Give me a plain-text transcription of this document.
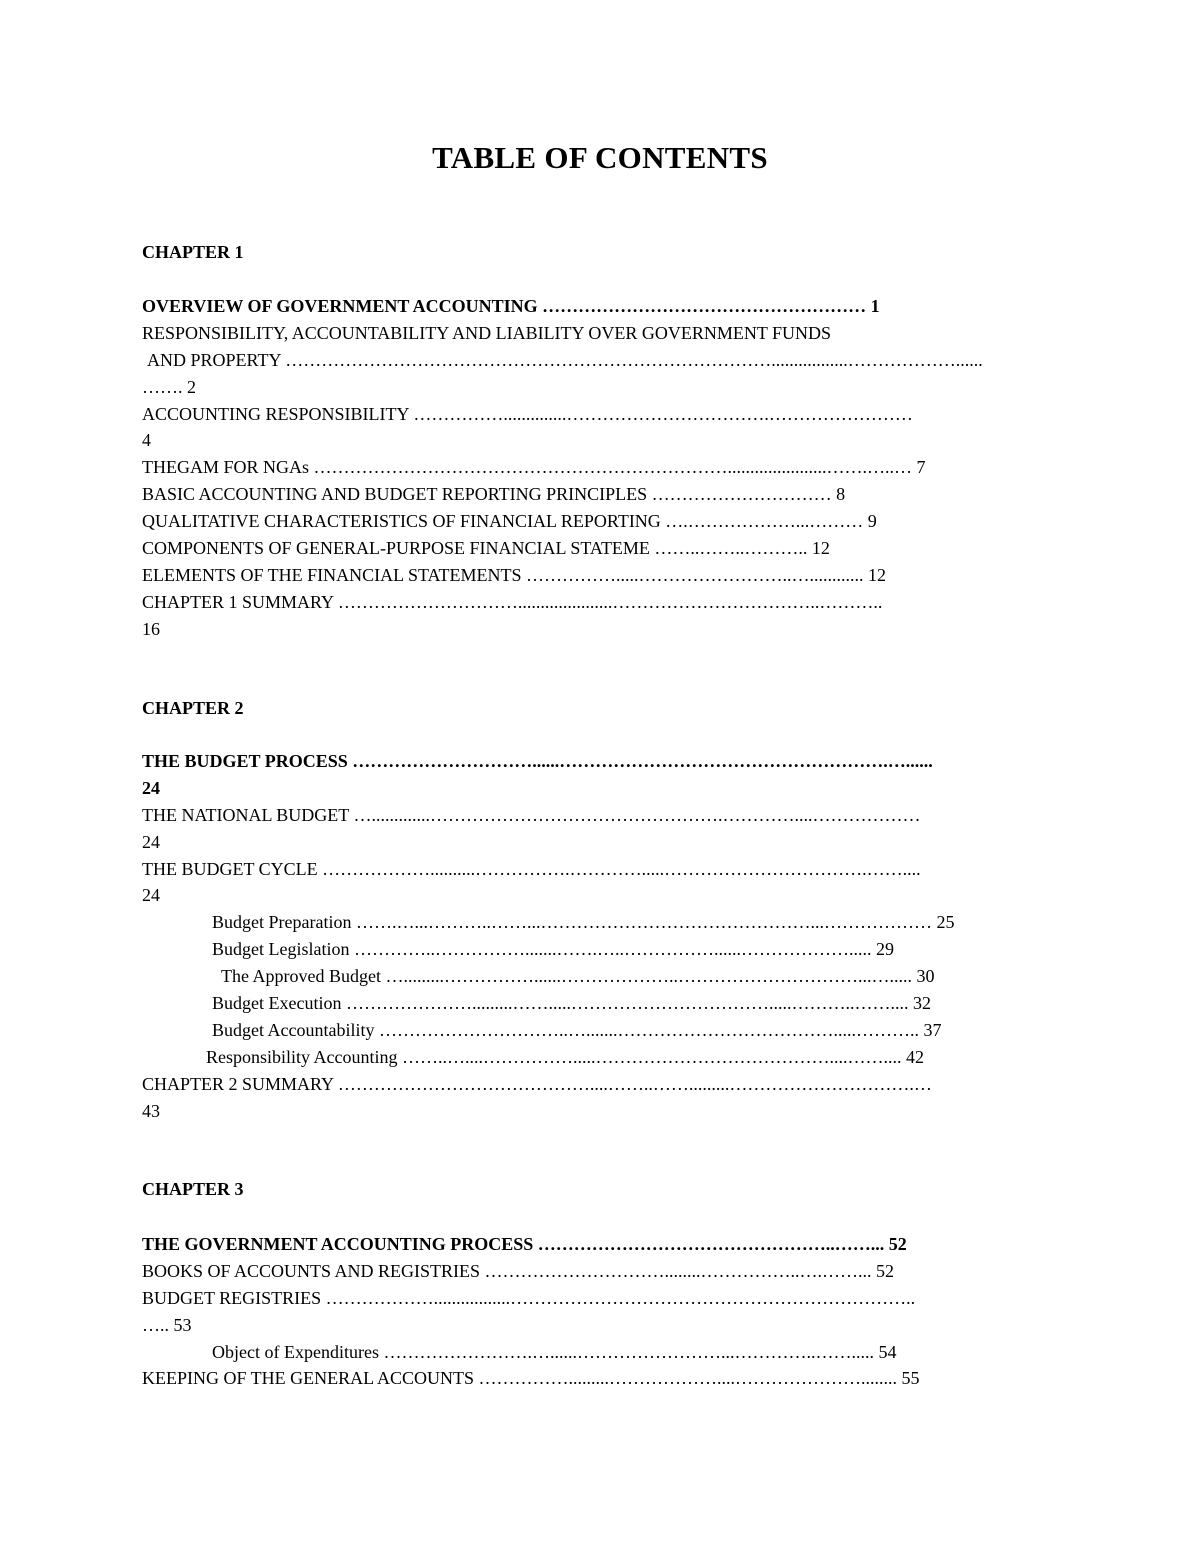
TABLE OF CONTENTS
CHAPTER 1
OVERVIEW OF GOVERNMENT ACCOUNTING ……………………………………………… 1
RESPONSIBILITY, ACCOUNTABILITY AND LIABILITY OVER GOVERNMENT FUNDS
AND PROPERTY ……………………………………………………………………….................………………......
……. 2
ACCOUNTING RESPONSIBILITY ……………..............…………………………….……………………
4
THEGAM FOR NGAs ……………………………………………………………......................…….…..… 7
BASIC ACCOUNTING AND BUDGET REPORTING PRINCIPLES ………………………… 8
QUALITATIVE CHARACTERISTICS OF FINANCIAL REPORTING ….………………...……… 9
COMPONENTS OF GENERAL-PURPOSE FINANCIAL STATEME ……..……..……….. 12
ELEMENTS OF THE FINANCIAL STATEMENTS …………….....……………………..…............ 12
CHAPTER 1 SUMMARY ………………………….....................……………………………..………..
16
CHAPTER 2
THE BUDGET PROCESS …………………………......……………………………………………….…......
24
THE NATIONAL BUDGET ….............………………………………………….…………....………………
24
THE BUDGET CYCLE ………………..........…………….………….....…………………………….……....
24
Budget Preparation …….…...………..……...………………………………………...……………… 25
Budget Legislation …………..…………….......…….…..……………......………………..... 29
The Approved Budget ….........……………......………………..…………………………...…..... 30
Budget Execution ………………….........…….....…………………………….....………..…….... 32
Budget Accountability …………………………..….......……………………………….....……….. 37
Responsibility Accounting ……..…....…………….....…………………………………....…….... 42
CHAPTER 2 SUMMARY ……………………………………....……..…….........………………………….…
43
CHAPTER 3
THE GOVERNMENT ACCOUNTING PROCESS …………………………………………..……... 52
BOOKS OF ACCOUNTS AND REGISTRIES …………………………........……………..….……... 52
BUDGET REGISTRIES ……………….................…………………………………………………………..
….. 53
Object of Expenditures …………………….…......……………………...…………..……..... 54
KEEPING OF THE GENERAL ACCOUNTS …………….........………………....…………………........ 55
